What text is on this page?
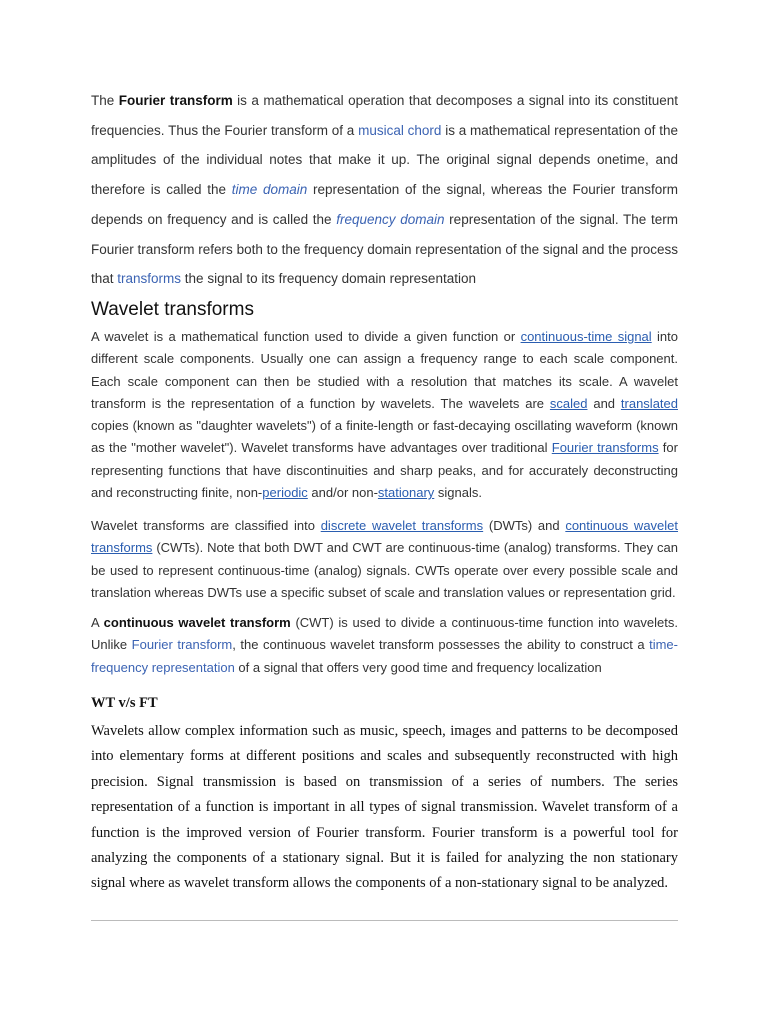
The Fourier transform is a mathematical operation that decomposes a signal into its constituent frequencies. Thus the Fourier transform of a musical chord is a mathematical representation of the amplitudes of the individual notes that make it up. The original signal depends onetime, and therefore is called the time domain representation of the signal, whereas the Fourier transform depends on frequency and is called the frequency domain representation of the signal. The term Fourier transform refers both to the frequency domain representation of the signal and the process that transforms the signal to its frequency domain representation

Wavelet transforms

A wavelet is a mathematical function used to divide a given function or continuous-time signal into different scale components. Usually one can assign a frequency range to each scale component. Each scale component can then be studied with a resolution that matches its scale. A wavelet transform is the representation of a function by wavelets. The wavelets are scaled and translated copies (known as "daughter wavelets") of a finite-length or fast-decaying oscillating waveform (known as the "mother wavelet"). Wavelet transforms have advantages over traditional Fourier transforms for representing functions that have discontinuities and sharp peaks, and for accurately deconstructing and reconstructing finite, non-periodic and/or non-stationary signals.

Wavelet transforms are classified into discrete wavelet transforms (DWTs) and continuous wavelet transforms (CWTs). Note that both DWT and CWT are continuous-time (analog) transforms. They can be used to represent continuous-time (analog) signals. CWTs operate over every possible scale and translation whereas DWTs use a specific subset of scale and translation values or representation grid.

A continuous wavelet transform (CWT) is used to divide a continuous-time function into wavelets. Unlike Fourier transform, the continuous wavelet transform possesses the ability to construct a time-frequency representation of a signal that offers very good time and frequency localization

WT v/s FT

Wavelets allow complex information such as music, speech, images and patterns to be decomposed into elementary forms at different positions and scales and subsequently reconstructed with high precision. Signal transmission is based on transmission of a series of numbers. The series representation of a function is important in all types of signal transmission. Wavelet transform of a function is the improved version of Fourier transform. Fourier transform is a powerful tool for analyzing the components of a stationary signal. But it is failed for analyzing the non stationary signal where as wavelet transform allows the components of a non-stationary signal to be analyzed.
